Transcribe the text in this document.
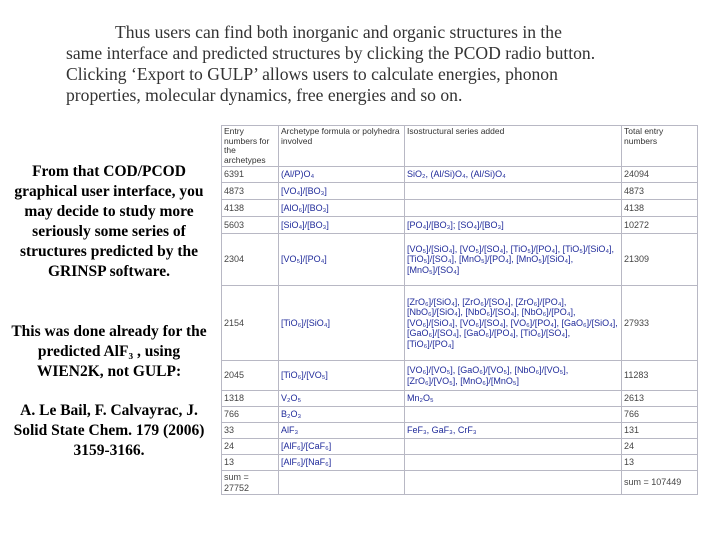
Thus users can find both inorganic and organic structures in the
same interface and predicted structures by clicking the PCOD radio button. Clicking ‘Export to GULP’ allows users to calculate energies, phonon properties, molecular dynamics, free energies and so on.

From that COD/PCOD graphical user interface, you may decide to study more seriously some series of structures predicted by the GRINSP software.

This was done already for the predicted AlF₃ , using WIEN2K, not GULP:

A. Le Bail, F. Calvayrac, J. Solid State Chem. 179 (2006) 3159-3166.

Entry numbers for the archetypes	Archetype formula or polyhedra involved	Isostructural series added	Total entry numbers
6391	(Al/P)O₄	SiO₂, (Al/Si)O₄, (Al/Si)O₄	24094
4873	[VO₄]/[BO₃]		4873
4138	[AlO₆]/[BO₃]		4138
5603	[SiO₄]/[BO₃]	[PO₄]/[BO₃]; [SO₄]/[BO₃]	10272
2304	[VO₅]/[PO₄]	[VO₅]/[SiO₄], [VO₅]/[SO₄], [TiO₅]/[PO₄], [TiO₅]/[SiO₄], [TiO₅]/[SO₄], [MnO₅]/[PO₄], [MnO₅]/[SiO₄], [MnO₅]/[SO₄]	21309
2154	[TiO₆]/[SiO₄]	[ZrO₆]/[SiO₄], [ZrO₆]/[SO₄], [ZrO₆]/[PO₄], [NbO₆]/[SiO₄], [NbO₆]/[SO₄], [NbO₆]/[PO₄], [VO₆]/[SiO₄], [VO₆]/[SO₄], [VO₆]/[PO₄], [GaO₆]/[SiO₄], [GaO₆]/[SO₄], [GaO₆]/[PO₄], [TiO₆]/[SO₄], [TiO₆]/[PO₄]	27933
2045	[TiO₆]/[VO₅]	[VO₆]/[VO₅], [GaO₆]/[VO₅], [NbO₆]/[VO₅], [ZrO₆]/[VO₅], [MnO₆]/[MnO₅]	11283
1318	V₂O₅	Mn₂O₅	2613
766	B₂O₃		766
33	AlF₃	FeF₃, GaF₃, CrF₃	131
24	[AlF₆]/[CaF₆]		24
13	[AlF₆]/[NaF₆]		13
sum = 27752			sum = 107449
